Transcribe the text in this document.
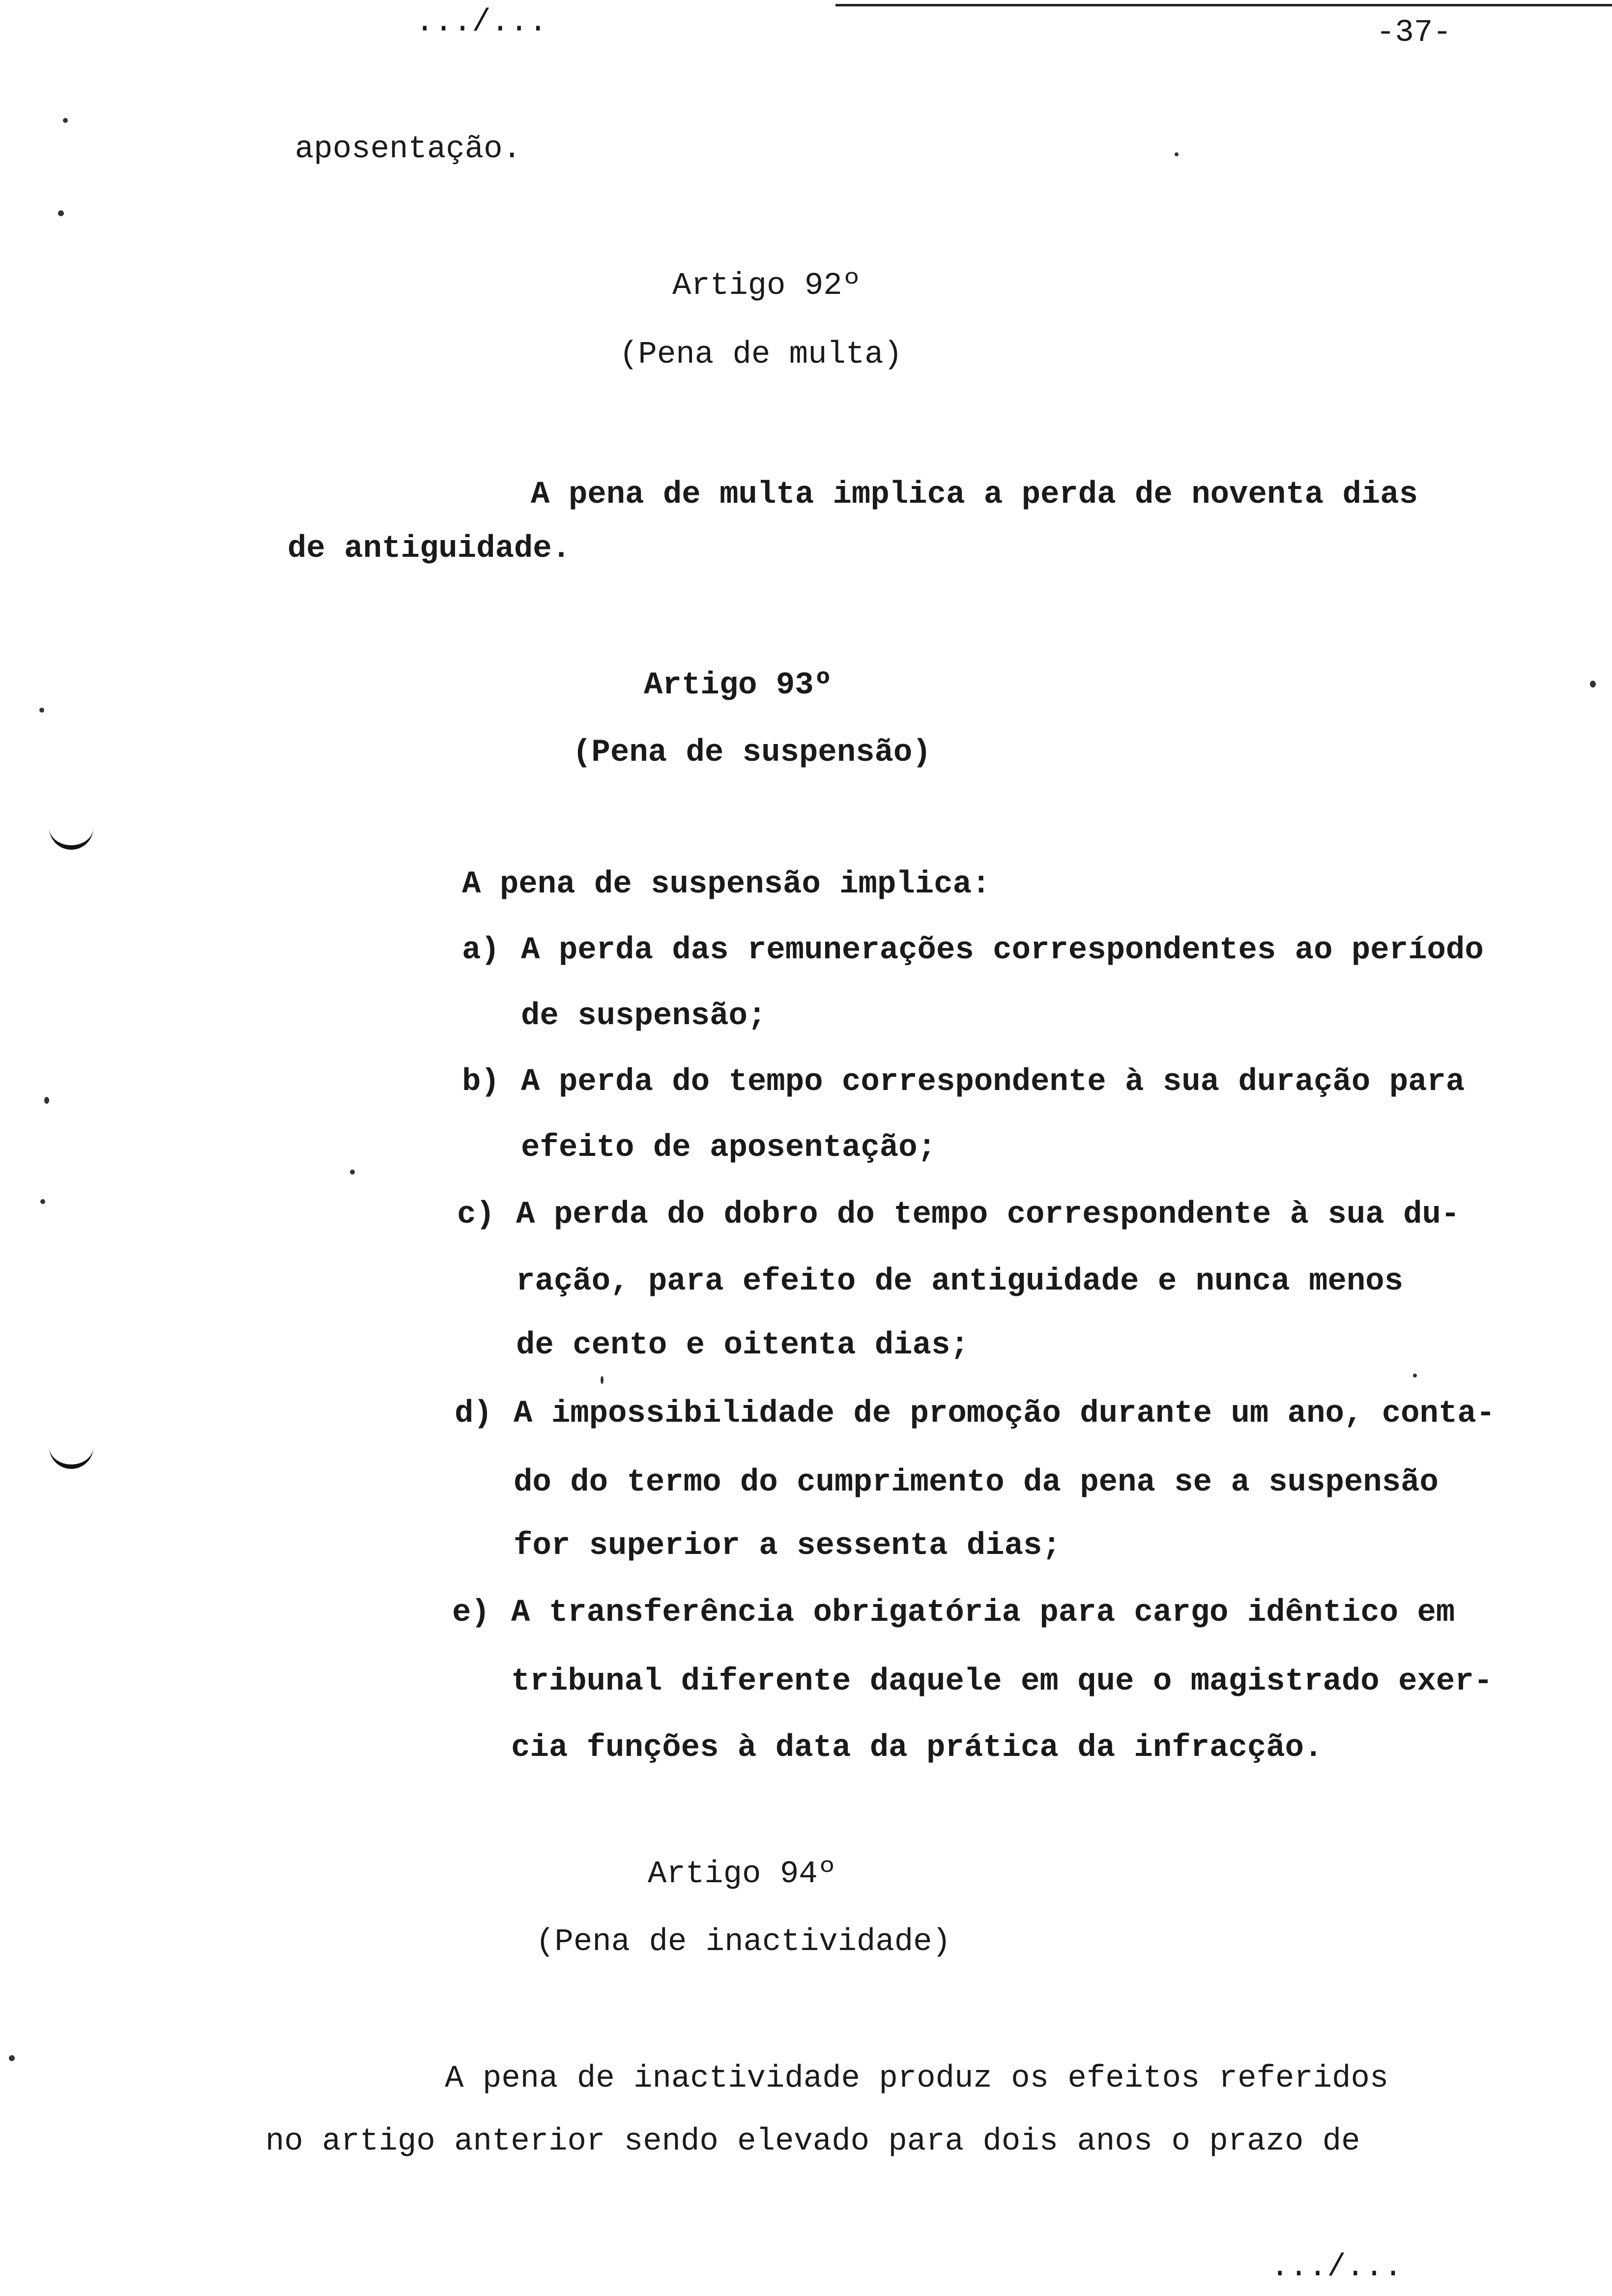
.../...	-37-
aposentação.
Artigo 92º
(Pena de multa)
A pena de multa implica a perda de noventa dias
de antiguidade.
Artigo 93º
(Pena de suspensão)
A pena de suspensão implica:
a) A perda das remunerações correspondentes ao período
de suspensão;
b) A perda do tempo correspondente à sua duração para
efeito de aposentação;
c) A perda do dobro do tempo correspondente à sua du-
ração, para efeito de antiguidade e nunca menos
de cento e oitenta dias;
d) A impossibilidade de promoção durante um ano, conta-
do do termo do cumprimento da pena se a suspensão
for superior a sessenta dias;
e) A transferência obrigatória para cargo idêntico em
tribunal diferente daquele em que o magistrado exer-
cia funções à data da prática da infracção.
Artigo 94º
(Pena de inactividade)
A pena de inactividade produz os efeitos referidos
no artigo anterior sendo elevado para dois anos o prazo de
.../...
